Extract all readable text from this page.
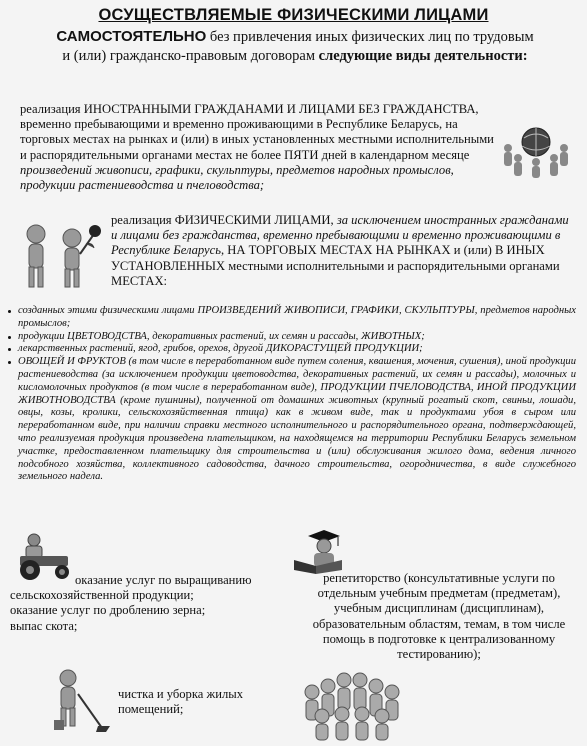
ОСУЩЕСТВЛЯЕМЫЕ ФИЗИЧЕСКИМИ ЛИЦАМИ
САМОСТОЯТЕЛЬНО без привлечения иных физических лиц по трудовым
и (или) гражданско-правовым договорам следующие виды деятельности:
реализация ИНОСТРАННЫМИ ГРАЖДАНАМИ И ЛИЦАМИ БЕЗ ГРАЖДАНСТВА, временно пребывающими и временно проживающими в Республике Беларусь, на торговых местах на рынках и (или) в иных установленных местными исполнительными и распорядительными органами местах не более ПЯТИ дней в календарном месяце произведений живописи, графики, скульптуры, предметов народных промыслов, продукции растениеводства и пчеловодства;
реализация ФИЗИЧЕСКИМИ ЛИЦАМИ, за исключением иностранных гражданами и лицами без гражданства, временно пребывающими и временно проживающими в Республике Беларусь, НА ТОРГОВЫХ МЕСТАХ НА РЫНКАХ и (или) В ИНЫХ УСТАНОВЛЕННЫХ местными исполнительными и распорядительными органами МЕСТАХ:
созданных этими физическими лицами ПРОИЗВЕДЕНИЙ ЖИВОПИСИ, ГРАФИКИ, СКУЛЬПТУРЫ, предметов народных промыслов;
продукции ЦВЕТОВОДСТВА, декоративных растений, их семян и рассады, ЖИВОТНЫХ;
лекарственных растений, ягод, грибов, орехов, другой ДИКОРАСТУЩЕЙ ПРОДУКЦИИ;
ОВОЩЕЙ И ФРУКТОВ (в том числе в переработанном виде путем соления, квашения, мочения, сушения), иной продукции растениеводства (за исключением продукции цветоводства, декоративных растений, их семян и рассады), молочных и кисломолочных продуктов (в том числе в переработанном виде), ПРОДУКЦИИ ПЧЕЛОВОДСТВА, ИНОЙ ПРОДУКЦИИ ЖИВОТНОВОДСТВА (кроме пушнины), полученной от домашних животных (крупный рогатый скот, свиньи, лошади, овцы, козы, кролики, сельскохозяйственная птица) как в живом виде, так и продуктами убоя в сыром или переработанном виде, при наличии справки местного исполнительного и распорядительного органа, подтверждающей, что реализуемая продукция произведена плательщиком, на находящемся на территории Республики Беларусь земельном участке, предоставленном плательщику для строительства и (или) обслуживания жилого дома, ведения личного подсобного хозяйства, коллективного садоводства, дачного строительства, огородничества, в виде служебного земельного надела.
оказание услуг по выращиванию
сельскохозяйственной продукции;
оказание услуг по дроблению зерна;
выпас скота;
репетиторство (консультативные услуги по отдельным учебным предметам (предметам), учебным дисциплинам (дисциплинам), образовательным областям, темам, в том числе помощь в подготовке к централизованному тестированию);
чистка и уборка жилых помещений;
